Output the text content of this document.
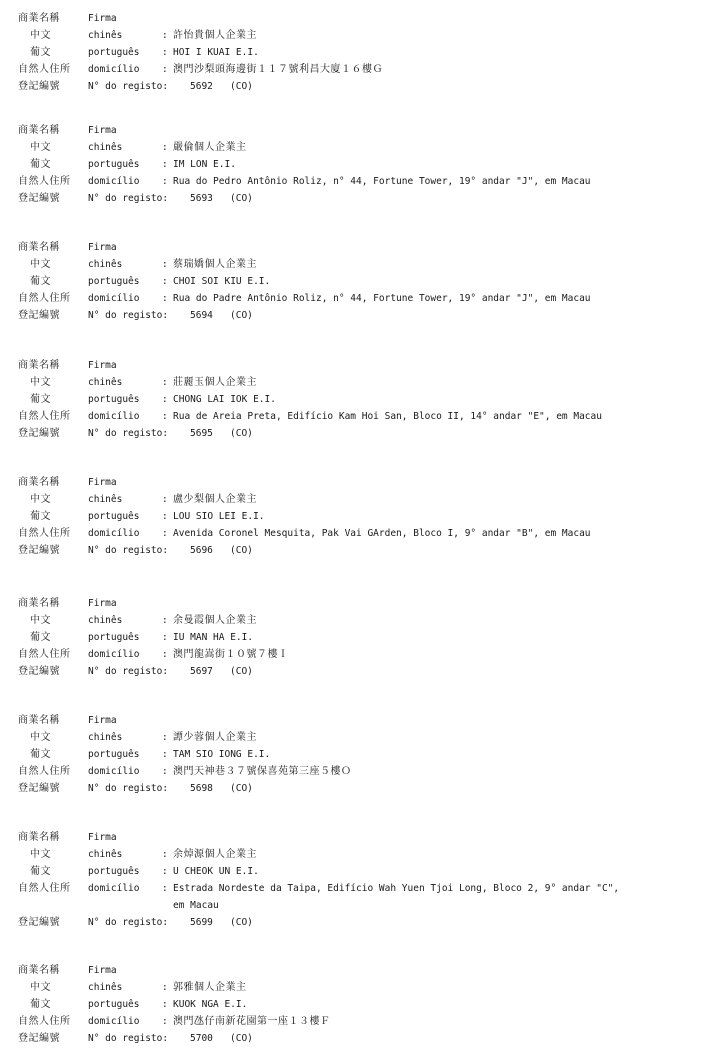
商業名稱	Firma
中文	chinês	: 許怡貴個人企業主
葡文	português : HOI I KUAI E.I.
自然人住所 domicílio : 澳門沙梨頭海邊街１１７號利昌大廈１６樓Ｇ
登記編號	N° do registo: 5692 (CO)
商業名稱	Firma
中文	chinês	: 嚴倫個人企業主
葡文	português : IM LON E.I.
自然人住所 domicílio : Rua do Pedro Antônio Roliz, n° 44, Fortune Tower, 19° andar "J", em Macau
登記編號	N° do registo: 5693 (CO)
商業名稱	Firma
中文	chinês	: 蔡瑞嬌個人企業主
葡文	português : CHOI SOI KIU E.I.
自然人住所 domicílio : Rua do Padre Antônio Roliz, n° 44, Fortune Tower, 19° andar "J", em Macau
登記編號	N° do registo: 5694 (CO)
商業名稱	Firma
中文	chinês	: 莊麗玉個人企業主
葡文	português : CHONG LAI IOK E.I.
自然人住所 domicílio : Rua de Areia Preta, Edifício Kam Hoi San, Bloco II, 14° andar "E", em Macau
登記編號	N° do registo: 5695 (CO)
商業名稱	Firma
中文	chinês	: 盧少梨個人企業主
葡文	português : LOU SIO LEI E.I.
自然人住所 domicílio : Avenida Coronel Mesquita, Pak Vai GArden, Bloco I, 9° andar "B", em Macau
登記編號	N° do registo: 5696 (CO)
商業名稱	Firma
中文	chinês	: 余曼霞個人企業主
葡文	português : IU MAN HA E.I.
自然人住所 domicílio : 澳門龍嵩街１０號７樓Ｉ
登記編號	N° do registo: 5697 (CO)
商業名稱	Firma
中文	chinês	: 譚少蓉個人企業主
葡文	português : TAM SIO IONG E.I.
自然人住所 domicílio : 澳門天神巷３７號保喜苑第三座５樓Ｏ
登記編號	N° do registo: 5698 (CO)
商業名稱	Firma
中文	chinês	: 余焯源個人企業主
葡文	português : U CHEOK UN E.I.
自然人住所 domicílio : Estrada Nordeste da Taipa, Edifício Wah Yuen Tjoi Long, Bloco 2, 9° andar "C",
em Macau
登記編號	N° do registo: 5699 (CO)
商業名稱	Firma
中文	chinês	: 郭雅個人企業主
葡文	português : KUOK NGA E.I.
自然人住所 domicílio : 澳門氹仔南新花園第一座１３樓Ｆ
登記編號	N° do registo: 5700 (CO)
